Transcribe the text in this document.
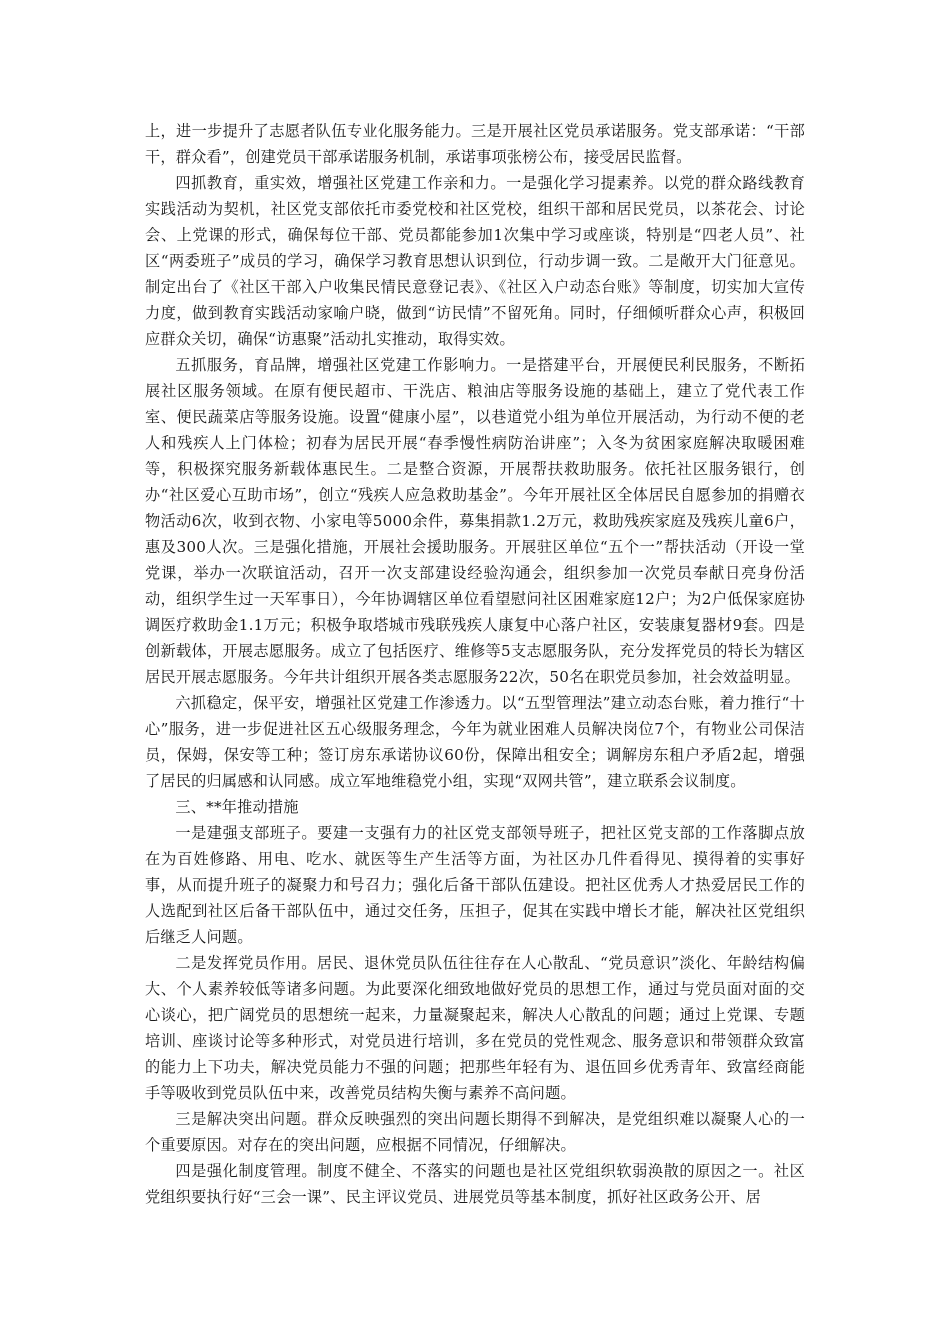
上，进一步提升了志愿者队伍专业化服务能力。三是开展社区党员承诺服务。党支部承诺：“干部干，群众看”，创建党员干部承诺服务机制，承诺事项张榜公布，接受居民监督。

四抓教育，重实效，增强社区党建工作亲和力。一是强化学习提素养。以党的群众路线教育实践活动为契机，社区党支部依托市委党校和社区党校，组织干部和居民党员，以茶花会、讨论会、上党课的形式，确保每位干部、党员都能参加1次集中学习或座谈，特别是“四老人员”、社区“两委班子”成员的学习，确保学习教育思想认识到位，行动步调一致。二是敞开大门征意见。制定出台了《社区干部入户收集民情民意登记表》、《社区入户动态台账》等制度，切实加大宣传力度，做到教育实践活动家喻户晓，做到“访民情”不留死角。同时，仔细倾听群众心声，积极回应群众关切，确保“访惠聚”活动扎实推动，取得实效。

五抓服务，育品牌，增强社区党建工作影响力。一是搭建平台，开展便民利民服务，不断拓展社区服务领域。在原有便民超市、干洗店、粮油店等服务设施的基础上，建立了党代表工作室、便民蔬菜店等服务设施。设置“健康小屋”，以巷道党小组为单位开展活动，为行动不便的老人和残疾人上门体检；初春为居民开展“春季慢性病防治讲座”；入冬为贫困家庭解决取暖困难等，积极探究服务新载体惠民生。二是整合资源，开展帮扶救助服务。依托社区服务银行，创办“社区爱心互助市场”，创立“残疾人应急救助基金”。今年开展社区全体居民自愿参加的捐赠衣物活动6次，收到衣物、小家电等5000余件，募集捐款1.2万元，救助残疾家庭及残疾儿童6户，惠及300人次。三是强化措施，开展社会援助服务。开展驻区单位“五个一”帮扶活动（开设一堂党课，举办一次联谊活动，召开一次支部建设经验沟通会，组织参加一次党员奉献日亮身份活动，组织学生过一天军事日），今年协调辖区单位看望慰问社区困难家庭12户；为2户低保家庭协调医疗救助金1.1万元；积极争取塔城市残联残疾人康复中心落户社区，安装康复器材9套。四是创新载体，开展志愿服务。成立了包括医疗、维修等5支志愿服务队，充分发挥党员的特长为辖区居民开展志愿服务。今年共计组织开展各类志愿服务22次，50名在职党员参加，社会效益明显。

六抓稳定，保平安，增强社区党建工作渗透力。以“五型管理法”建立动态台账，着力推行“十心”服务，进一步促进社区五心级服务理念，今年为就业困难人员解决岗位7个，有物业公司保洁员，保姆，保安等工种；签订房东承诺协议60份，保障出租安全；调解房东租户矛盾2起，增强了居民的归属感和认同感。成立军地维稳党小组，实现“双网共管”，建立联系会议制度。

三、**年推动措施

一是建强支部班子。要建一支强有力的社区党支部领导班子，把社区党支部的工作落脚点放在为百姓修路、用电、吃水、就医等生产生活等方面，为社区办几件看得见、摸得着的实事好事，从而提升班子的凝聚力和号召力；强化后备干部队伍建设。把社区优秀人才热爱居民工作的人选配到社区后备干部队伍中，通过交任务，压担子，促其在实践中增长才能，解决社区党组织后继乏人问题。

二是发挥党员作用。居民、退休党员队伍往往存在人心散乱、“党员意识”淡化、年龄结构偏大、个人素养较低等诸多问题。为此要深化细致地做好党员的思想工作，通过与党员面对面的交心谈心，把广阔党员的思想统一起来，力量凝聚起来，解决人心散乱的问题；通过上党课、专题培训、座谈讨论等多种形式，对党员进行培训，多在党员的党性观念、服务意识和带领群众致富的能力上下功夫，解决党员能力不强的问题；把那些年轻有为、退伍回乡优秀青年、致富经商能手等吸收到党员队伍中来，改善党员结构失衡与素养不高问题。

三是解决突出问题。群众反映强烈的突出问题长期得不到解决，是党组织难以凝聚人心的一个重要原因。对存在的突出问题，应根据不同情况，仔细解决。

四是强化制度管理。制度不健全、不落实的问题也是社区党组织软弱涣散的原因之一。社区党组织要执行好“三会一课”、民主评议党员、进展党员等基本制度，抓好社区政务公开、居
